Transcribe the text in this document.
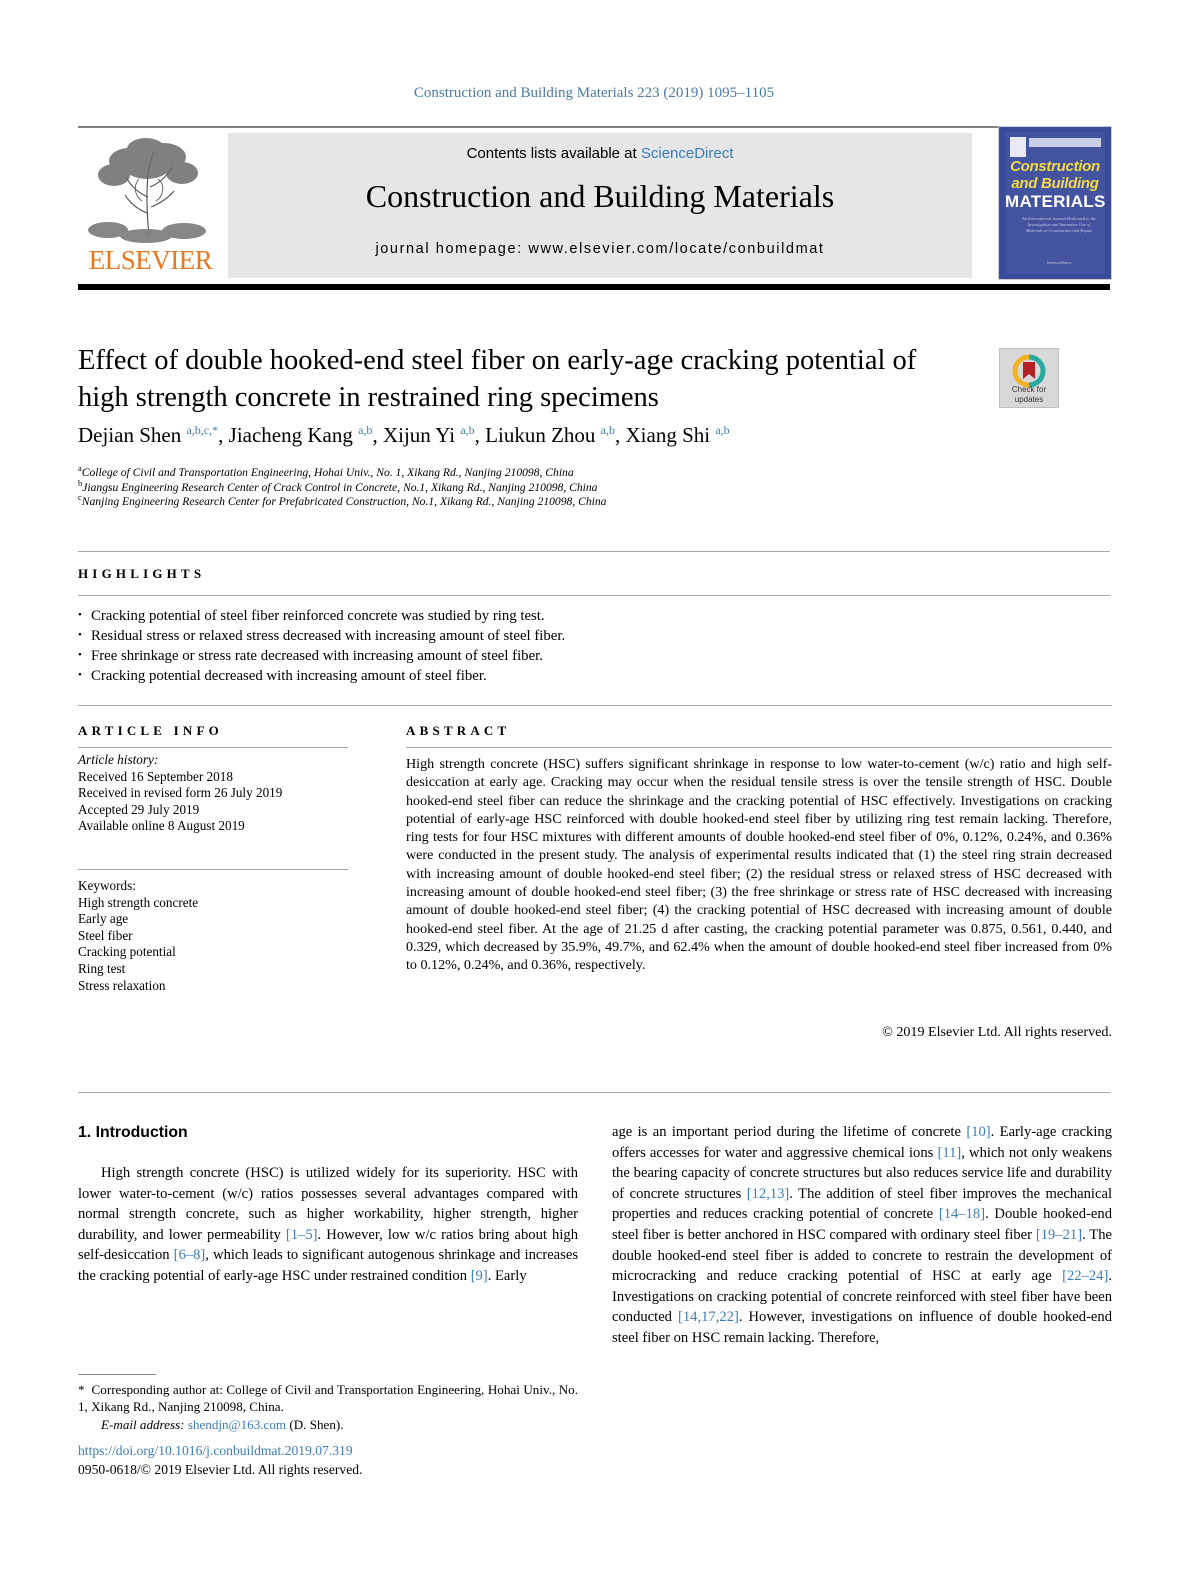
Construction and Building Materials 223 (2019) 1095–1105
ELSEVIER
Contents lists available at ScienceDirect
Construction and Building Materials
journal homepage: www.elsevier.com/locate/conbuildmat
Construction
and Building
MATERIALS
An International Journal Dedicated to the Investigation and Innovative Use of Materials in Construction and Repair
ScienceDirect
Effect of double hooked-end steel fiber on early-age cracking potential of high strength concrete in restrained ring specimens	Check for updates
Dejian Shen $^{a,b,c,*}$, Jiacheng Kang $^{a,b}$, Xijun Yi $^{a,b}$, Liukun Zhou $^{a,b}$, Xiang Shi $^{a,b}$
$^a$College of Civil and Transportation Engineering, Hohai Univ., No. 1, Xikang Rd., Nanjing 210098, China
$^b$Jiangsu Engineering Research Center of Crack Control in Concrete, No.1, Xikang Rd., Nanjing 210098, China
$^c$Nanjing Engineering Research Center for Prefabricated Construction, No.1, Xikang Rd., Nanjing 210098, China
HIGHLIGHTS
• Cracking potential of steel fiber reinforced concrete was studied by ring test.
• Residual stress or relaxed stress decreased with increasing amount of steel fiber.
• Free shrinkage or stress rate decreased with increasing amount of steel fiber.
• Cracking potential decreased with increasing amount of steel fiber.
ARTICLE INFO
Article history:
Received 16 September 2018
Received in revised form 26 July 2019
Accepted 29 July 2019
Available online 8 August 2019
Keywords:
High strength concrete
Early age
Steel fiber
Cracking potential
Ring test
Stress relaxation
ABSTRACT
High strength concrete (HSC) suffers significant shrinkage in response to low water-to-cement (w/c) ratio and high self-desiccation at early age. Cracking may occur when the residual tensile stress is over the tensile strength of HSC. Double hooked-end steel fiber can reduce the shrinkage and the cracking potential of HSC effectively. Investigations on cracking potential of early-age HSC reinforced with double hooked-end steel fiber by utilizing ring test remain lacking. Therefore, ring tests for four HSC mixtures with different amounts of double hooked-end steel fiber of 0%, 0.12%, 0.24%, and 0.36% were conducted in the present study. The analysis of experimental results indicated that (1) the steel ring strain decreased with increasing amount of double hooked-end steel fiber; (2) the residual stress or relaxed stress of HSC decreased with increasing amount of double hooked-end steel fiber; (3) the free shrinkage or stress rate of HSC decreased with increasing amount of double hooked-end steel fiber; (4) the cracking potential of HSC decreased with increasing amount of double hooked-end steel fiber. At the age of 21.25 d after casting, the cracking potential parameter was 0.875, 0.561, 0.440, and 0.329, which decreased by 35.9%, 49.7%, and 62.4% when the amount of double hooked-end steel fiber increased from 0% to 0.12%, 0.24%, and 0.36%, respectively.
© 2019 Elsevier Ltd. All rights reserved.
1. Introduction

High strength concrete (HSC) is utilized widely for its superiority. HSC with lower water-to-cement (w/c) ratios possesses several advantages compared with normal strength concrete, such as higher workability, higher strength, higher durability, and lower permeability [1–5]. However, low w/c ratios bring about high self-desiccation [6–8], which leads to significant autogenous shrinkage and increases the cracking potential of early-age HSC under restrained condition [9]. Early

age is an important period during the lifetime of concrete [10]. Early-age cracking offers accesses for water and aggressive chemical ions [11], which not only weakens the bearing capacity of concrete structures but also reduces service life and durability of concrete structures [12,13]. The addition of steel fiber improves the mechanical properties and reduces cracking potential of concrete [14–18]. Double hooked-end steel fiber is better anchored in HSC compared with ordinary steel fiber [19–21]. The double hooked-end steel fiber is added to concrete to restrain the development of microcracking and reduce cracking potential of HSC at early age [22–24]. Investigations on cracking potential of concrete reinforced with steel fiber have been conducted [14,17,22]. However, investigations on influence of double hooked-end steel fiber on HSC remain lacking. Therefore,

*  Corresponding author at: College of Civil and Transportation Engineering, Hohai Univ., No. 1, Xikang Rd., Nanjing 210098, China.
E-mail address: shendjn@163.com (D. Shen).
https://doi.org/10.1016/j.conbuildmat.2019.07.319
0950-0618/© 2019 Elsevier Ltd. All rights reserved.
